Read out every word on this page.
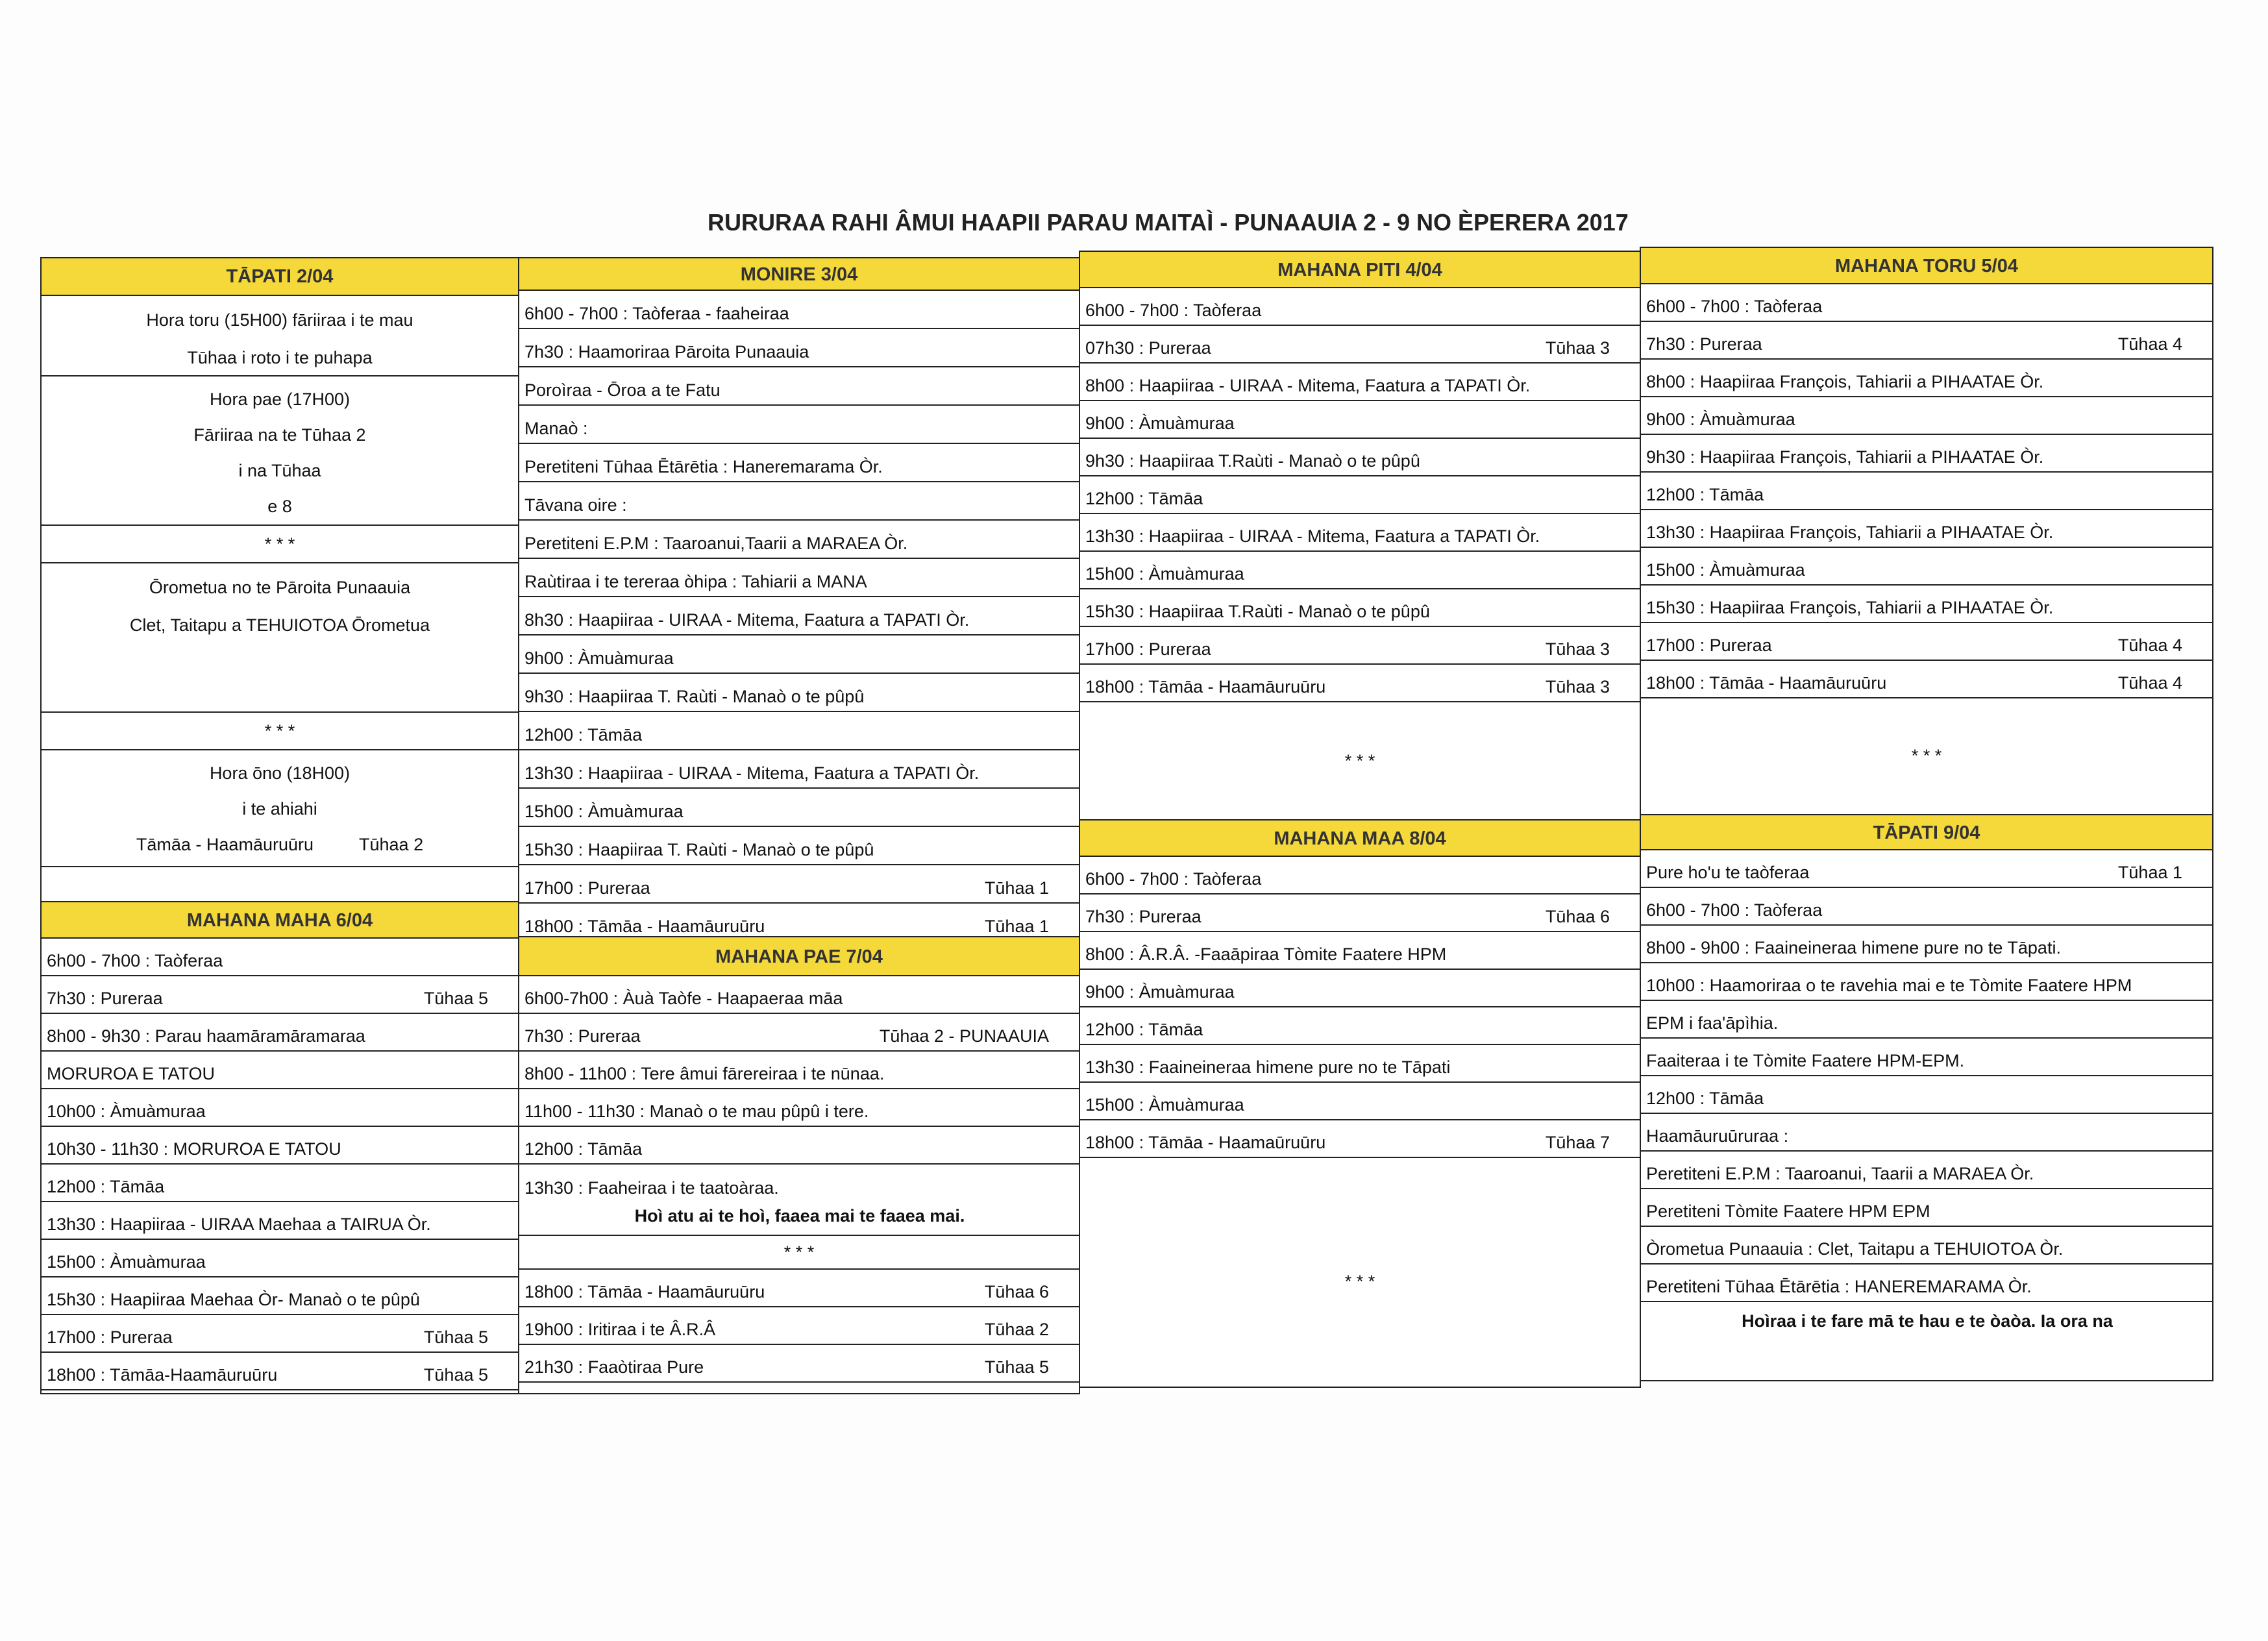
RURURAA RAHI ÂMUI HAAPII PARAU MAITAÌ - PUNAAUIA 2 - 9 NO ÈPERERA 2017
TĀPATI 2/04
Hora toru (15H00) fāriiraa i te mau
Tūhaa i roto i te puhapa
Hora pae (17H00)
Fāriiraa na te Tūhaa 2
i na Tūhaa
e 8
* * *
Ōrometua no te Pāroita Punaauia
Clet, Taitapu a TEHUIOTOA Ōrometua
* * *
Hora ōno (18H00)
i te ahiahi
Tāmāa - Haamāuruūru	Tūhaa 2
MAHANA MAHA 6/04
6h00 - 7h00 : Taòferaa
7h30 : Pureraa	Tūhaa 5
8h00 - 9h30 : Parau haamāramāramaraa
MORUROA E TATOU
10h00 : Àmuàmuraa
10h30 - 11h30 : MORUROA E TATOU
12h00 : Tāmāa
13h30 : Haapiiraa - UIRAA Maehaa a TAIRUA Òr.
15h00 : Àmuàmuraa
15h30 : Haapiiraa Maehaa Òr- Manaò o te pûpû
17h00 : Pureraa	Tūhaa 5
18h00 : Tāmāa-Haamāuruūru	Tūhaa 5
MONIRE 3/04
6h00 - 7h00 : Taòferaa - faaheiraa
7h30 : Haamoriraa Pāroita Punaauia
Poroìraa - Ōroa a te Fatu
Manaò :
Peretiteni Tūhaa Ētārētia : Haneremarama Òr.
Tāvana oire :
Peretiteni E.P.M : Taaroanui,Taarii a MARAEA Òr.
Raùtiraa i te tereraa òhipa : Tahiarii a MANA
8h30 : Haapiiraa - UIRAA - Mitema, Faatura a TAPATI Òr.
9h00 : Àmuàmuraa
9h30 : Haapiiraa T. Raùti - Manaò o te pûpû
12h00 : Tāmāa
13h30 : Haapiiraa - UIRAA - Mitema, Faatura a TAPATI Òr.
15h00 : Àmuàmuraa
15h30 : Haapiiraa T. Raùti - Manaò o te pûpû
17h00 : Pureraa	Tūhaa 1
18h00 : Tāmāa - Haamāuruūru	Tūhaa 1
MAHANA PAE 7/04
6h00-7h00 : Àuà Taòfe - Haapaeraa māa
7h30 : Pureraa	Tūhaa 2 - PUNAAUIA
8h00 - 11h00 : Tere âmui fārereiraa i te nūnaa.
11h00 - 11h30 : Manaò o te mau pûpû i tere.
12h00 : Tāmāa
13h30 : Faaheiraa i te taatoàraa.
Hoì atu ai te hoì, faaea mai te faaea mai.
* * *
18h00 : Tāmāa - Haamāuruūru	Tūhaa 6
19h00 : Iritiraa i te Â.R.Â	Tūhaa 2
21h30 : Faaòtiraa Pure	Tūhaa 5
MAHANA PITI 4/04
6h00 - 7h00 : Taòferaa
07h30 : Pureraa	Tūhaa 3
8h00 : Haapiiraa - UIRAA - Mitema, Faatura a TAPATI Òr.
9h00 : Àmuàmuraa
9h30 : Haapiiraa T.Raùti - Manaò o te pûpû
12h00 : Tāmāa
13h30 : Haapiiraa - UIRAA - Mitema, Faatura a TAPATI Òr.
15h00 : Àmuàmuraa
15h30 : Haapiiraa T.Raùti - Manaò o te pûpû
17h00 : Pureraa	Tūhaa 3
18h00 : Tāmāa - Haamāuruūru	Tūhaa 3
* * *
MAHANA MAA 8/04
6h00 - 7h00 : Taòferaa
7h30 : Pureraa	Tūhaa 6
8h00 : Â.R.Â. -Faaāpiraa Tòmite Faatere HPM
9h00 : Àmuàmuraa
12h00 : Tāmāa
13h30 : Faaineineraa himene pure no te Tāpati
15h00 : Àmuàmuraa
18h00 : Tāmāa - Haamaūruūru	Tūhaa 7
* * *
MAHANA TORU 5/04
6h00 - 7h00 : Taòferaa
7h30 : Pureraa	Tūhaa 4
8h00 : Haapiiraa François, Tahiarii a PIHAATAE Òr.
9h00 : Àmuàmuraa
9h30 : Haapiiraa François, Tahiarii a PIHAATAE Òr.
12h00 : Tāmāa
13h30 : Haapiiraa François, Tahiarii a PIHAATAE Òr.
15h00 : Àmuàmuraa
15h30 : Haapiiraa François, Tahiarii a PIHAATAE Òr.
17h00 : Pureraa	Tūhaa 4
18h00 : Tāmāa - Haamāuruūru	Tūhaa 4
* * *
TĀPATI 9/04
Pure ho'u te taòferaa	Tūhaa 1
6h00 - 7h00 : Taòferaa
8h00 - 9h00 : Faaineineraa himene pure no te Tāpati.
10h00 : Haamoriraa o te ravehia mai e te Tòmite Faatere HPM
EPM i faa'āpìhia.
Faaiteraa i te Tòmite Faatere HPM-EPM.
12h00 : Tāmāa
Haamāuruūruraa :
Peretiteni E.P.M : Taaroanui, Taarii a MARAEA Òr.
Peretiteni Tòmite Faatere HPM EPM
Òrometua Punaauia : Clet, Taitapu a TEHUIOTOA Òr.
Peretiteni Tūhaa Ētārētia : HANEREMARAMA Òr.
Hoìraa i te fare mā te hau e te òaòa. Ia ora na
